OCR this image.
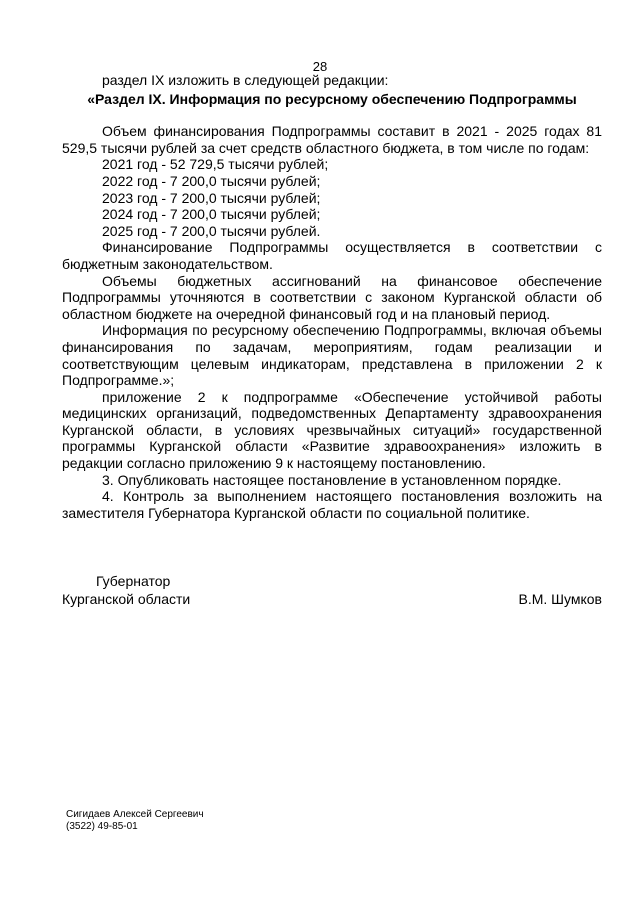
28

раздел IX изложить в следующей редакции:

«Раздел IX. Информация по ресурсному обеспечению Подпрограммы

Объем финансирования Подпрограммы составит в 2021 - 2025 годах 81 529,5 тысячи рублей за счет средств областного бюджета, в том числе по годам:

2021 год - 52 729,5 тысячи рублей;

2022 год - 7 200,0 тысячи рублей;

2023 год - 7 200,0 тысячи рублей;

2024 год - 7 200,0 тысячи рублей;

2025 год - 7 200,0 тысячи рублей.

Финансирование Подпрограммы осуществляется в соответствии с бюджетным законодательством.

Объемы бюджетных ассигнований на финансовое обеспечение Подпрограммы уточняются в соответствии с законом Курганской области об областном бюджете на очередной финансовый год и на плановый период.

Информация по ресурсному обеспечению Подпрограммы, включая объемы финансирования по задачам, мероприятиям, годам реализации и соответствующим целевым индикаторам, представлена в приложении 2 к Подпрограмме.»;

приложение 2 к подпрограмме «Обеспечение устойчивой работы медицинских организаций, подведомственных Департаменту здравоохранения Курганской области, в условиях чрезвычайных ситуаций» государственной программы Курганской области «Развитие здравоохранения» изложить в редакции согласно приложению 9 к настоящему постановлению.

3. Опубликовать настоящее постановление в установленном порядке.

4. Контроль за выполнением настоящего постановления возложить на заместителя Губернатора Курганской области по социальной политике.

Губернатор
Курганской области	В.М. Шумков
Сигидаев Алексей Сергеевич
(3522) 49-85-01
